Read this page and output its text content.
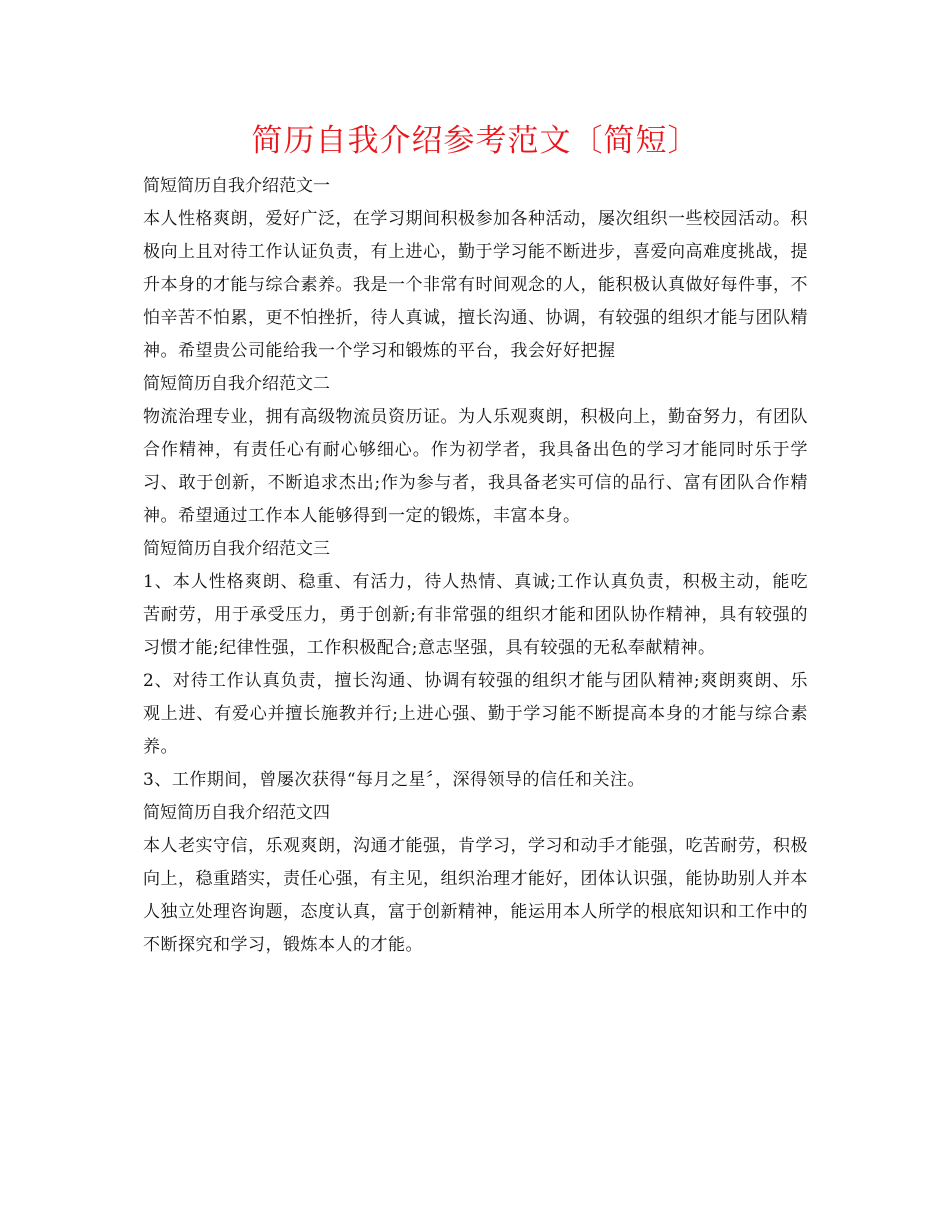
简历自我介绍参考范文〔简短〕

简短简历自我介绍范文一

本人性格爽朗，爱好广泛，在学习期间积极参加各种活动，屡次组织一些校园活动。积极向上且对待工作认证负责，有上进心，勤于学习能不断进步，喜爱向高难度挑战，提升本身的才能与综合素养。我是一个非常有时间观念的人，能积极认真做好每件事，不怕辛苦不怕累，更不怕挫折，待人真诚，擅长沟通、协调，有较强的组织才能与团队精神。希望贵公司能给我一个学习和锻炼的平台，我会好好把握

简短简历自我介绍范文二

物流治理专业，拥有高级物流员资历证。为人乐观爽朗，积极向上，勤奋努力，有团队合作精神，有责任心有耐心够细心。作为初学者，我具备出色的学习才能同时乐于学习、敢于创新，不断追求杰出;作为参与者，我具备老实可信的品行、富有团队合作精神。希望通过工作本人能够得到一定的锻炼，丰富本身。

简短简历自我介绍范文三

1、本人性格爽朗、稳重、有活力，待人热情、真诚;工作认真负责，积极主动，能吃苦耐劳，用于承受压力，勇于创新;有非常强的组织才能和团队协作精神，具有较强的习惯才能;纪律性强，工作积极配合;意志坚强，具有较强的无私奉献精神。

2、对待工作认真负责，擅长沟通、协调有较强的组织才能与团队精神;爽朗爽朗、乐观上进、有爱心并擅长施教并行;上进心强、勤于学习能不断提高本身的才能与综合素养。

3、工作期间，曾屡次获得“每月之星〞，深得领导的信任和关注。

简短简历自我介绍范文四

本人老实守信，乐观爽朗，沟通才能强，肯学习，学习和动手才能强，吃苦耐劳，积极向上，稳重踏实，责任心强，有主见，组织治理才能好，团体认识强，能协助别人并本人独立处理咨询题，态度认真，富于创新精神，能运用本人所学的根底知识和工作中的不断探究和学习，锻炼本人的才能。
